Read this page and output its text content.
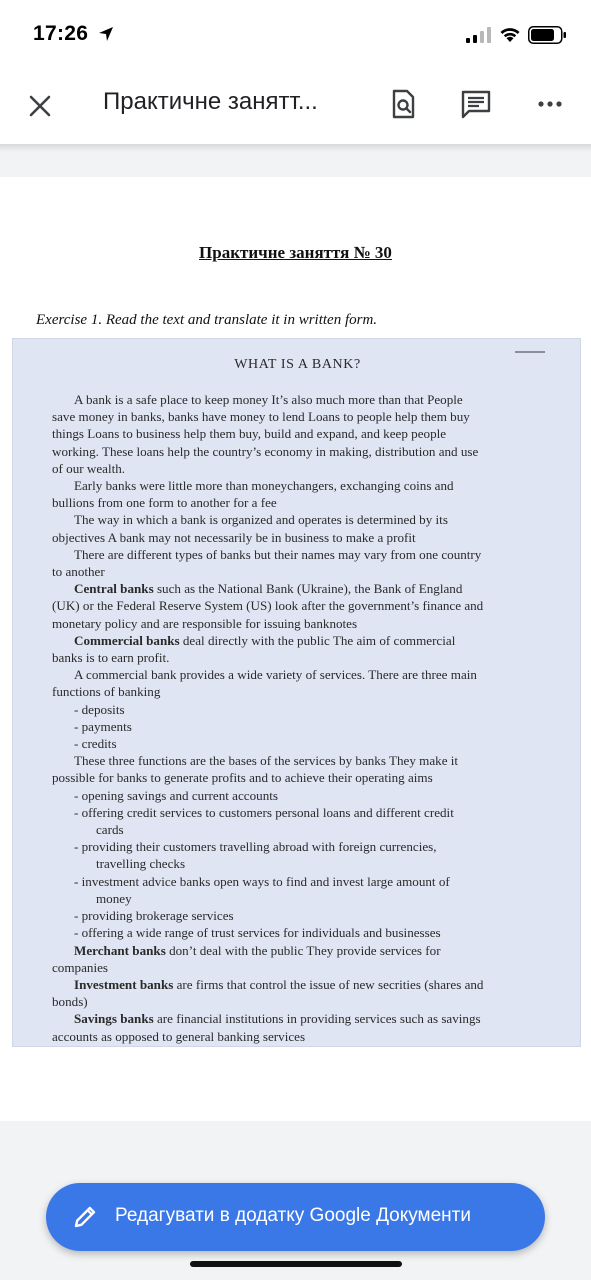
17:26
Практичне занятт...
Практичне заняття № 30
Exercise 1. Read the text and translate it in written form.
WHAT IS A BANK?
A bank is a safe place to keep money It’s also much more than that People
save money in banks, banks have money to lend Loans to people help them buy
things Loans to business help them buy, build and expand, and keep people
working. These loans help the country’s economy in making, distribution and use
of our wealth.
Early banks were little more than moneychangers, exchanging coins and
bullions from one form to another for a fee
The way in which a bank is organized and operates is determined by its
objectives A bank may not necessarily be in business to make a profit
There are different types of banks but their names may vary from one country
to another
Central banks such as the National Bank (Ukraine), the Bank of England
(UK) or the Federal Reserve System (US) look after the government’s finance and
monetary policy and are responsible for issuing banknotes
Commercial banks deal directly with the public The aim of commercial
banks is to earn profit.
A commercial bank provides a wide variety of services. There are three main
functions of banking
- deposits
- payments
- credits
These three functions are the bases of the services by banks They make it
possible for banks to generate profits and to achieve their operating aims
- opening savings and current accounts
- offering credit services to customers personal loans and different credit
cards
- providing their customers travelling abroad with foreign currencies,
travelling checks
- investment advice banks open ways to find and invest large amount of
money
- providing brokerage services
- offering a wide range of trust services for individuals and businesses
Merchant banks don’t deal with the public They provide services for
companies
Investment banks are firms that control the issue of new secrities (shares and
bonds)
Savings banks are financial institutions in providing services such as savings
accounts as opposed to general banking services
Редагувати в додатку Google Документи
